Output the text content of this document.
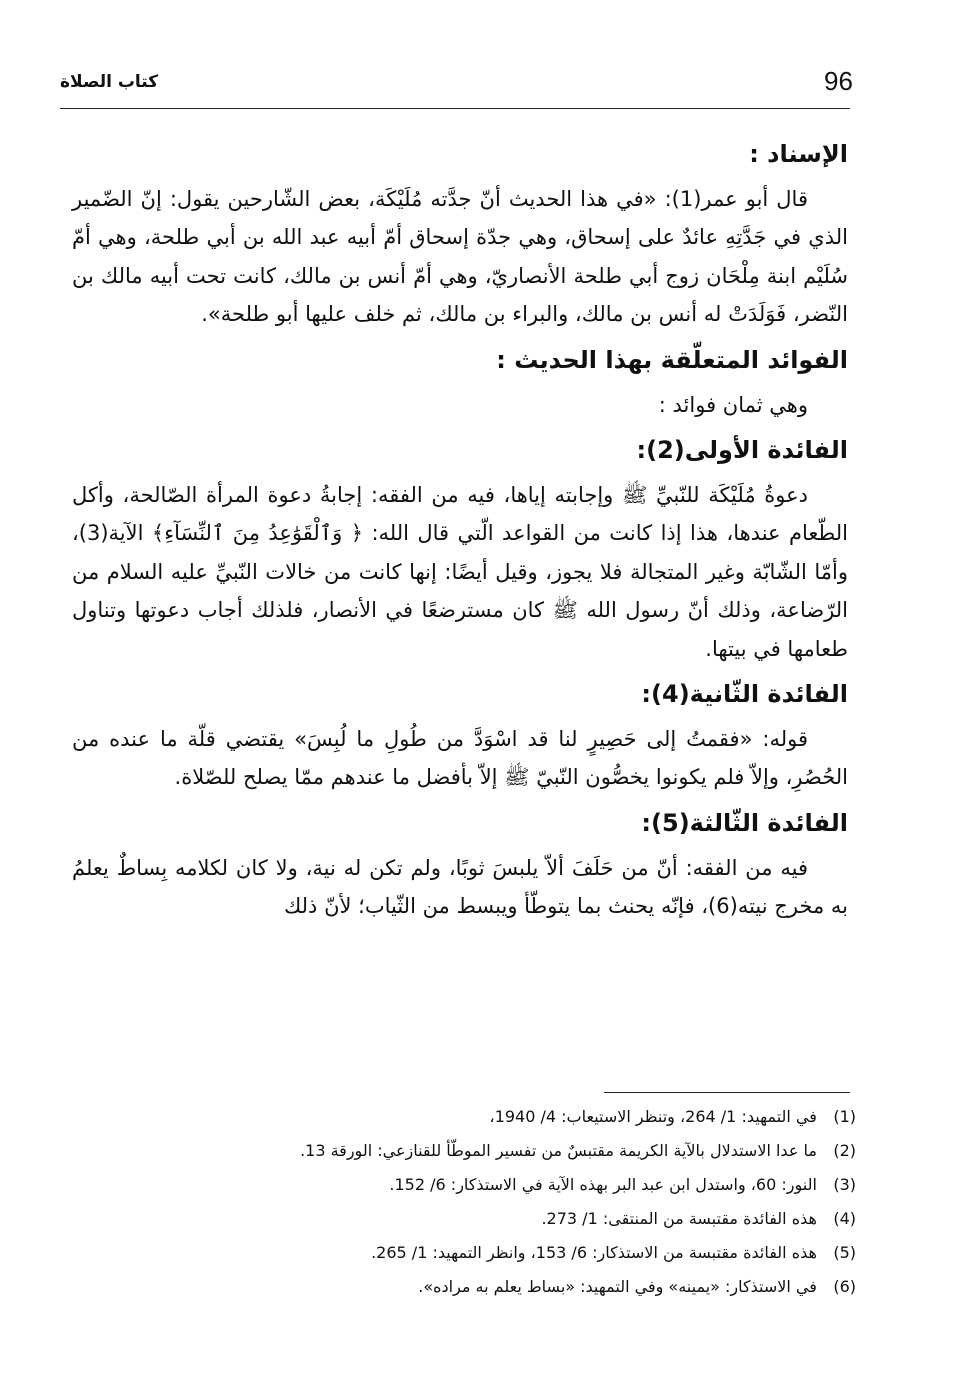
96
كتاب الصلاة
الإسناد :
قال أبو عمر(1): «في هذا الحديث أنّ جدَّته مُلَيْكَة، بعض الشّارحين يقول: إنّ الضّمير الذي في جَدَّتِهِ عائدٌ على إسحاق، وهي جدّة إسحاق أمّ أبيه عبد الله بن أبي طلحة، وهي أمّ سُلَيْم ابنة مِلْحَان زوج أبي طلحة الأنصاريّ، وهي أمّ أنس بن مالك، كانت تحت أبيه مالك بن النّضر، فَوَلَدَتْ له أنس بن مالك، والبراء بن مالك، ثم خلف عليها أبو طلحة».
الفوائد المتعلّقة بهذا الحديث :
وهي ثمان فوائد :
الفائدة الأولى(2):
دعوةُ مُلَيْكَة للنّبيِّ ﷺ وإجابته إياها، فيه من الفقه: إجابةُ دعوة المرأة الصّالحة، وأكل الطّعام عندها، هذا إذا كانت من القواعد الّتي قال الله: ﴿ وَٱلْقَوَٰعِدُ مِنَ ٱلنِّسَآءِ﴾ الآية(3)، وأمّا الشّابّة وغير المتجالة فلا يجوز، وقيل أيضًا: إنها كانت من خالات النّبيِّ عليه السلام من الرّضاعة، وذلك أنّ رسول الله ﷺ كان مسترضعًا في الأنصار، فلذلك أجاب دعوتها وتناول طعامها في بيتها.
الفائدة الثّانية(4):
قوله: «فقمتُ إلى حَصِيرٍ لنا قد اسْوَدَّ من طُولِ ما لُبِسَ» يقتضي قلّة ما عنده من الحُصُرِ، وإلاّ فلم يكونوا يخصُّون النّبيّ ﷺ إلاّ بأفضل ما عندهم ممّا يصلح للصّلاة.
الفائدة الثّالثة(5):
فيه من الفقه: أنّ من حَلَفَ ألاّ يلبسَ ثوبًا، ولم تكن له نية، ولا كان لكلامه بِساطٌ يعلمُ به مخرج نيته(6)، فإنّه يحنث بما يتوطّأ ويبسط من الثّياب؛ لأنّ ذلك
(1) في التمهيد: 1/ 264، وتنظر الاستيعاب: 4/ 1940،
(2) ما عدا الاستدلال بالآية الكريمة مقتبسٌ من تفسير الموطّأ للقنازعي: الورقة 13.
(3) النور: 60، واستدل ابن عبد البر بهذه الآية في الاستذكار: 6/ 152.
(4) هذه الفائدة مقتبسة من المنتقى: 1/ 273.
(5) هذه الفائدة مقتبسة من الاستذكار: 6/ 153، وانظر التمهيد: 1/ 265.
(6) في الاستذكار: «يمينه» وفي التمهيد: «بساط يعلم به مراده».
